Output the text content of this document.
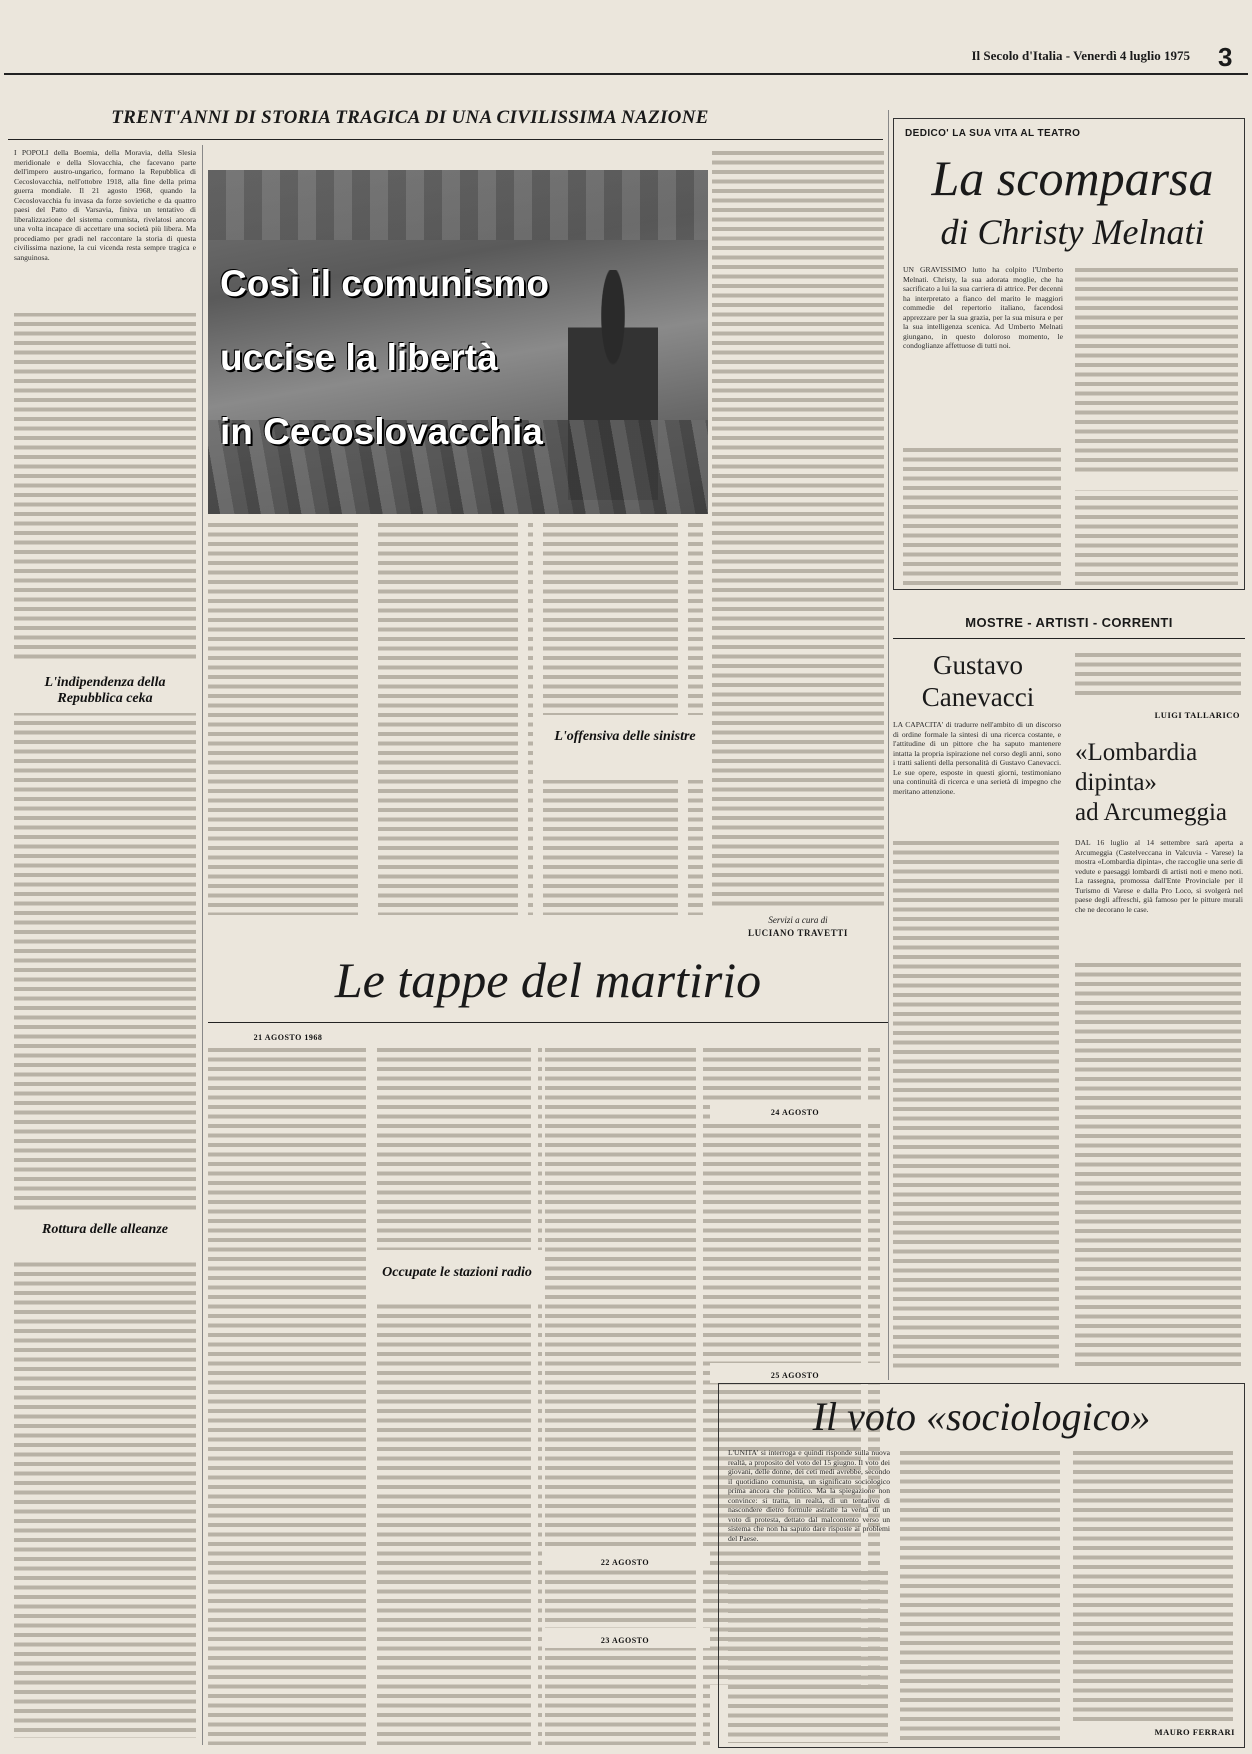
Il Secolo d'Italia - Venerdì 4 luglio 1975 3
TRENT'ANNI DI STORIA TRAGICA DI UNA CIVILISSIMA NAZIONE
Così il comunismo
uccise la libertà
in Cecoslovacchia

I POPOLI della Boemia, della Moravia, della Slesia meridionale e della Slovacchia, che facevano parte dell'impero austro-ungarico, formano la Repubblica di Cecoslovacchia, nell'ottobre 1918, alla fine della prima guerra mondiale. Il 21 agosto 1968, quando la Cecoslovacchia fu invasa da forze sovietiche e da quattro paesi del Patto di Varsavia, finiva un tentativo di liberalizzazione del sistema comunista, rivelatosi ancora una volta incapace di accettare una società più libera. Ma procediamo per gradi nel raccontare la storia di questa civilissima nazione, la cui vicenda resta sempre tragica e sanguinosa.

L'indipendenza della Repubblica ceka
Rottura delle alleanze
L'offensiva delle sinistre
Servizi a cura di
LUCIANO TRAVETTI
Le tappe del martirio
21 AGOSTO 1968
24 AGOSTO
25 AGOSTO
22 AGOSTO
23 AGOSTO
Occupate le stazioni radio
DEDICO' LA SUA VITA AL TEATRO
La scomparsa
di Christy Melnati

UN GRAVISSIMO lutto ha colpito l'Umberto Melnati. Christy, la sua adorata moglie, che ha sacrificato a lui la sua carriera di attrice. Per decenni ha interpretato a fianco del marito le maggiori commedie del repertorio italiano, facendosi apprezzare per la sua grazia, per la sua misura e per la sua intelligenza scenica. Ad Umberto Melnati giungano, in questo doloroso momento, le condoglianze affettuose di tutti noi.

MOSTRE - ARTISTI - CORRENTI
Gustavo
Canevacci

LA CAPACITA' di tradurre nell'ambito di un discorso di ordine formale la sintesi di una ricerca costante, e l'attitudine di un pittore che ha saputo mantenere intatta la propria ispirazione nel corso degli anni, sono i tratti salienti della personalità di Gustavo Canevacci. Le sue opere, esposte in questi giorni, testimoniano una continuità di ricerca e una serietà di impegno che meritano attenzione.

LUIGI TALLARICO
«Lombardia
dipinta»
ad Arcumeggia

DAL 16 luglio al 14 settembre sarà aperta a Arcumeggia (Castelveccana in Valcuvia - Varese) la mostra «Lombardia dipinta», che raccoglie una serie di vedute e paesaggi lombardi di artisti noti e meno noti. La rassegna, promossa dall'Ente Provinciale per il Turismo di Varese e dalla Pro Loco, si svolgerà nel paese degli affreschi, già famoso per le pitture murali che ne decorano le case.

Il voto «sociologico»

L'UNITA' si interroga e quindi risponde sulla nuova realtà, a proposito del voto del 15 giugno. Il voto dei giovani, delle donne, dei ceti medi avrebbe, secondo il quotidiano comunista, un significato sociologico prima ancora che politico. Ma la spiegazione non convince: si tratta, in realtà, di un tentativo di nascondere dietro formule astratte la verità di un voto di protesta, dettato dal malcontento verso un sistema che non ha saputo dare risposte ai problemi del Paese.

MAURO FERRARI
